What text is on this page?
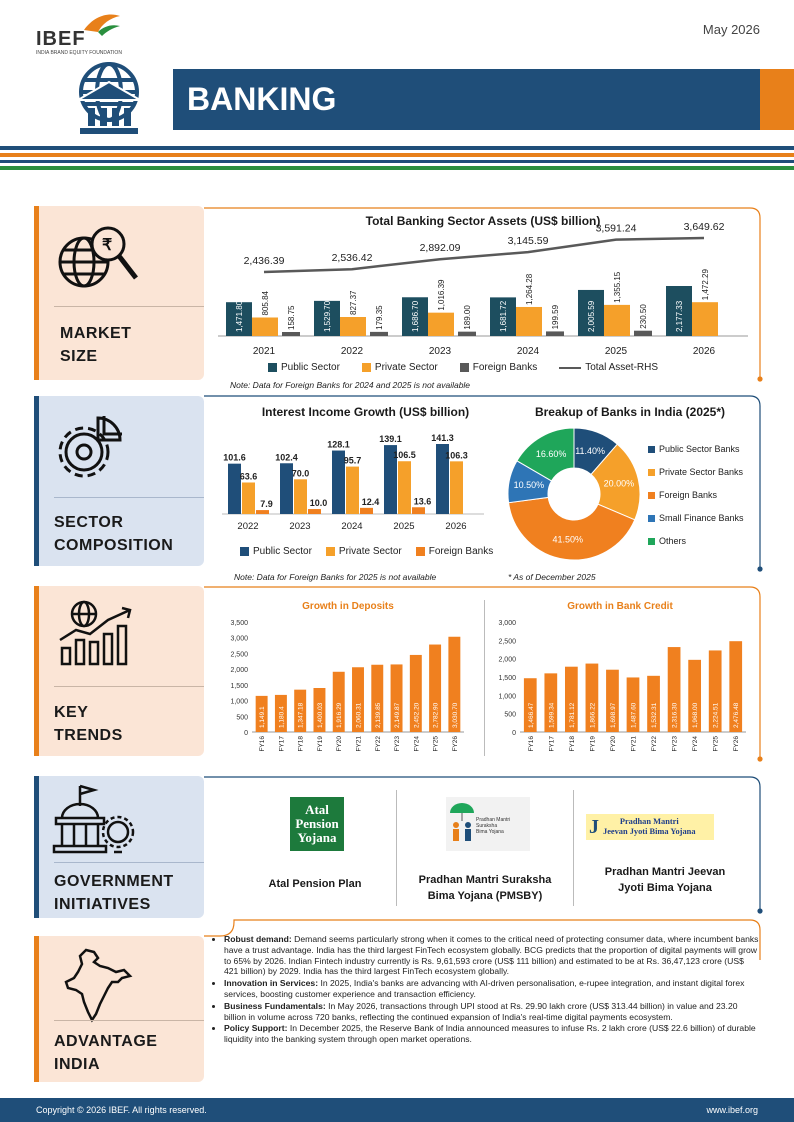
IBEF
INDIA BRAND EQUITY FOUNDATION
May 2026
BANKING
₹
MARKET
SIZE
SECTOR
COMPOSITION
KEY
TRENDS
GOVERNMENT
INITIATIVES
ADVANTAGE
INDIA
Total Banking Sector Assets (US$ billion)
1,471.80 805.84
158.75
2021
1,529.70 827.37
179.35
2022
1,686.70
1,016.39
189.00
2023
1,681.72
1,264.28
199.59
2024
2,005.59
1,355.15
230.50
2025
2,177.33
1,472.29
2026
2,436.39	2,536.42
2,892.09
3,145.59
3,591.24	3,649.62
Public Sector	Private Sector	Foreign Banks	Total Asset-RHS
Note: Data for Foreign Banks for 2024 and 2025 is not available
Interest Income Growth (US$ billion)
101.6
63.6
7.9
2022
102.4
70.0
10.0
2023
128.1
95.7
12.4
2024
139.1
106.5
13.6
2025
141.3
106.3
2026
Public Sector	Private Sector	Foreign Banks
Note: Data for Foreign Banks for 2025 is not available
Breakup of Banks in India (2025*)
11.40%
20.00%
41.50%
10.50%
16.60%
Public Sector Banks
Private Sector Banks
Foreign Banks
Small Finance Banks
Others
* As of December 2025
Growth in Deposits
0
500
1,000
1,500
2,000
2,500
3,000
3,500
1,149.1
FY16
1,180.4
FY17
1,347.18
FY18
1,400.03
FY19
1,916.29
FY20
2,060.31
FY21
2,139.85
FY22
2,149.87
FY23
2,452.20
FY24
2,782.90
FY25
3,030.70
FY26
Growth in Bank Credit
0
500
1,000
1,500
2,000
2,500
3,000
1,466.47
FY16
1,599.34
FY17
1,781.12
FY18
1,866.22
FY19
1,698.97
FY20
1,487.60
FY21
1,532.31
FY22
2,316.30
FY23
1,968.00
FY24
2,224.51
FY25
2,476.48
FY26
Atal
Pension
Yojana
Atal Pension Plan
Pradhan Mantri
Suraksha
Bima Yojana
Pradhan Mantri Suraksha
Bima Yojana (PMSBY)
J	Pradhan Mantri
Jeevan Jyoti Bima Yojana
Pradhan Mantri Jeevan
Jyoti Bima Yojana
• Robust demand: Demand seems particularly strong when it comes to the critical need of protecting consumer data, where incumbent banks have a trust advantage. India has the third largest FinTech ecosystem globally. BCG predicts that the proportion of digital payments will grow to 65% by 2026. Indian Fintech industry currently is Rs. 9,61,593 crore (US$ 111 billion) and estimated to be at Rs. 36,47,123 crore (US$ 421 billion) by 2029. India has the third largest FinTech ecosystem globally.
• Innovation in Services: In 2025, India's banks are advancing with AI-driven personalisation, e-rupee integration, and instant digital forex services, boosting customer experience and transaction efficiency.
• Business Fundamentals: In May 2026, transactions through UPI stood at Rs. 29.90 lakh crore (US$ 313.44 billion) in value and 23.20 billion in volume across 720 banks, reflecting the continued expansion of India's real-time digital payments ecosystem.
• Policy Support: In December 2025, the Reserve Bank of India announced measures to infuse Rs. 2 lakh crore (US$ 22.6 billion) of durable liquidity into the banking system through open market operations.
Copyright © 2026 IBEF. All rights reserved.	www.ibef.org
